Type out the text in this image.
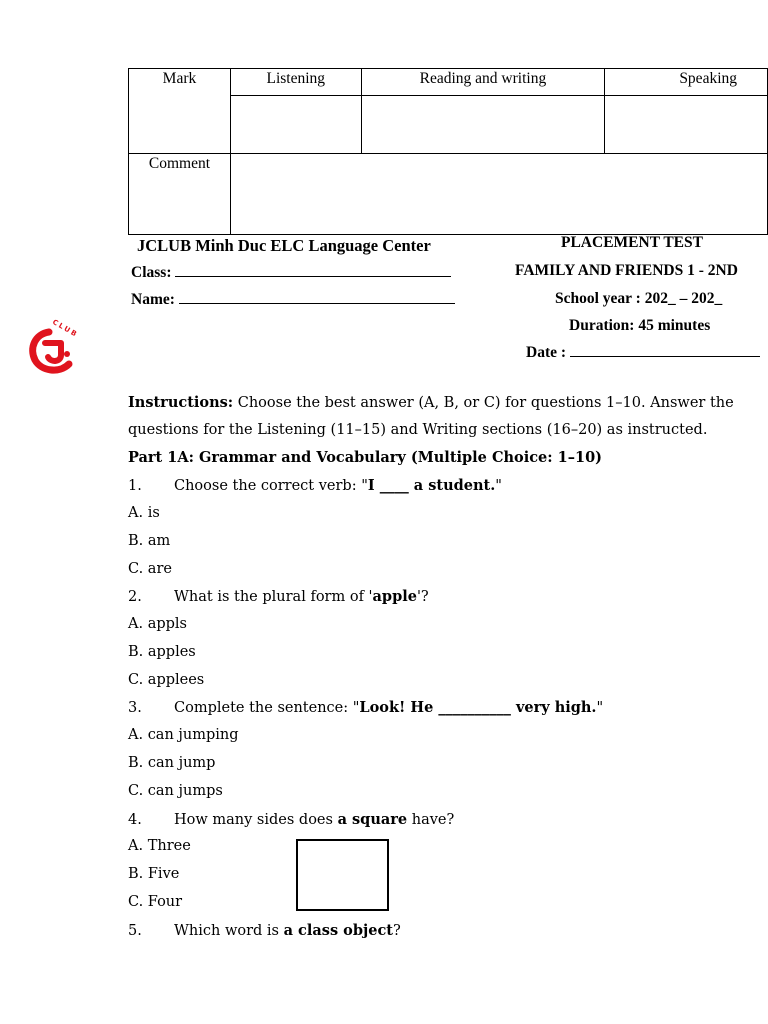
Mark	Listening	Reading and writing	Speaking

Comment			
JCLUB Minh Duc ELC Language Center
Class:
Name:
PLACEMENT TEST
FAMILY AND FRIENDS 1 - 2ND
School year : 202_ – 202_
Duration: 45 minutes
Date :
CLUB
Instructions: Choose the best answer (A, B, or C) for questions 1–10. Answer the
questions for the Listening (11–15) and Writing sections (16–20) as instructed.
Part 1A: Grammar and Vocabulary (Multiple Choice: 1–10)
1. Choose the correct verb: "I ____ a student."
A. is
B. am
C. are
2. What is the plural form of 'apple'?
A. appls
B. apples
C. applees
3. Complete the sentence: "Look! He __________ very high."
A. can jumping
B. can jump
C. can jumps
4. How many sides does a square have?
A. Three
B. Five
C. Four
5. Which word is a class object?
